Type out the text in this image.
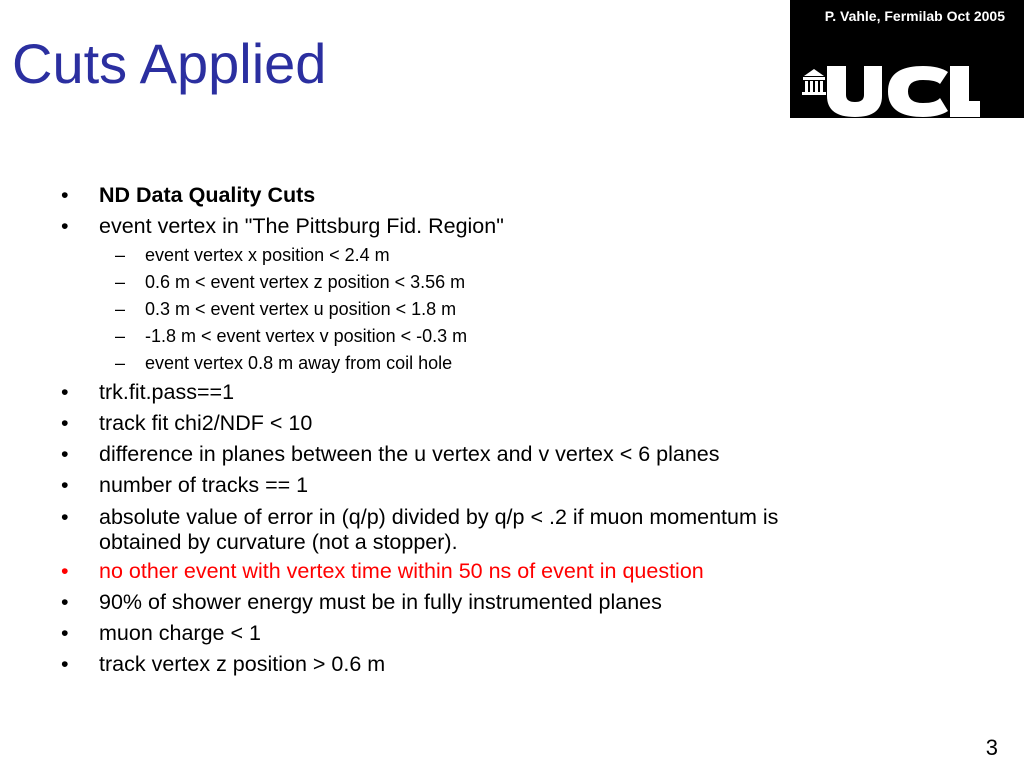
Cuts Applied
P. Vahle, Fermilab Oct 2005
• ND Data Quality Cuts
• event vertex in "The Pittsburg Fid. Region"
– event vertex x position < 2.4 m
– 0.6 m < event vertex z position < 3.56 m
– 0.3 m < event vertex u position < 1.8 m
– -1.8 m < event vertex v position < -0.3 m
– event vertex 0.8 m away from coil hole
• trk.fit.pass==1
• track fit chi2/NDF < 10
• difference in planes between the u vertex and v vertex < 6 planes
• number of tracks == 1
• absolute value of error in (q/p) divided by q/p < .2 if muon momentum is
obtained by curvature (not a stopper).
• no other event with vertex time within 50 ns of event in question
• 90% of shower energy must be in fully instrumented planes
• muon charge < 1
• track vertex z position > 0.6 m
3
